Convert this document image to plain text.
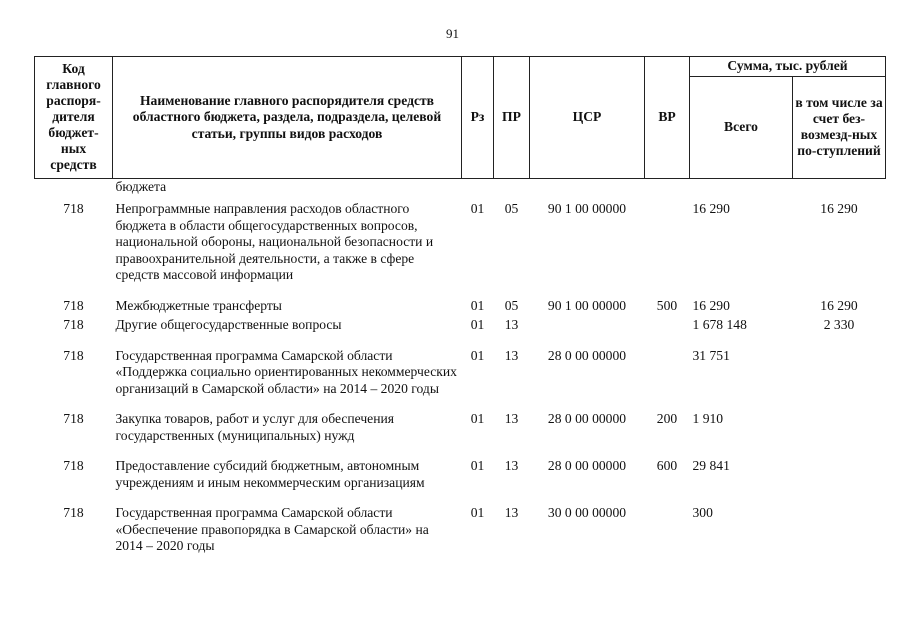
91
Код главного распоря-дителя бюджет-ных средств	Наименование главного распорядителя средств областного бюджета, раздела, подраздела, целевой статьи, группы видов расходов	Рз	ПР	ЦСР	ВР	Сумма, тыс. рублей	
						Всего	в том числе за счет без-возмезд-ных по-ступлений
	бюджета						
718	Непрограммные направления расходов областного бюджета в области общегосударственных вопросов, национальной обороны, национальной безопасности и правоохранительной деятельности, а также в сфере средств массовой информации	01	05	90 1 00 00000		16 290	16 290
718	Межбюджетные трансферты	01	05	90 1 00 00000	500	16 290	16 290
718	Другие общегосударственные вопросы	01	13			1 678 148	2 330
718	Государственная программа Самарской области «Поддержка социально ориентированных некоммерческих организаций в Самарской области» на 2014 – 2020 годы	01	13	28 0 00 00000		31 751	
718	Закупка товаров, работ и услуг для обеспечения государственных (муниципальных) нужд	01	13	28 0 00 00000	200	1 910	
718	Предоставление субсидий бюджетным, автономным учреждениям и иным некоммерческим организациям	01	13	28 0 00 00000	600	29 841	
718	Государственная программа Самарской области «Обеспечение правопорядка в Самарской области» на 2014 – 2020 годы	01	13	30 0 00 00000		300	
